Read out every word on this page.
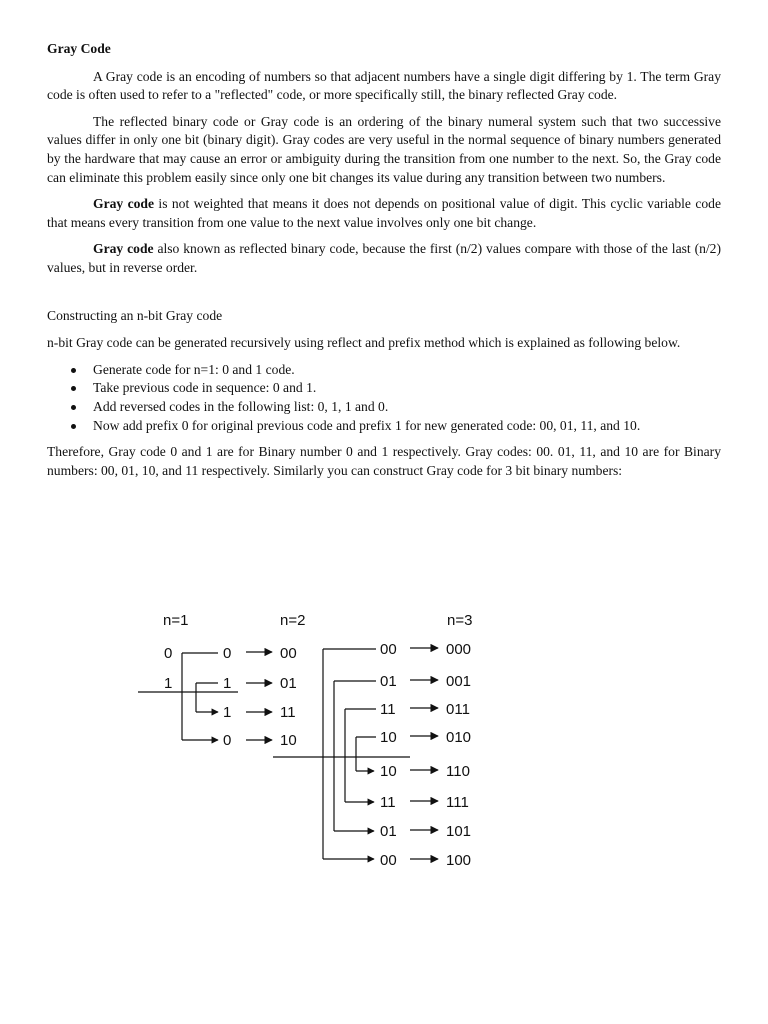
Gray Code

A Gray code is an encoding of numbers so that adjacent numbers have a single digit differing by 1. The term Gray code is often used to refer to a "reflected" code, or more specifically still, the binary reflected Gray code.

The reflected binary code or Gray code is an ordering of the binary numeral system such that two successive values differ in only one bit (binary digit). Gray codes are very useful in the normal sequence of binary numbers generated by the hardware that may cause an error or ambiguity during the transition from one number to the next. So, the Gray code can eliminate this problem easily since only one bit changes its value during any transition between two numbers.

Gray code is not weighted that means it does not depends on positional value of digit. This cyclic variable code that means every transition from one value to the next value involves only one bit change.

Gray code also known as reflected binary code, because the first (n/2) values compare with those of the last (n/2) values, but in reverse order.

Constructing an n-bit Gray code

n-bit Gray code can be generated recursively using reflect and prefix method which is explained as following below.

Generate code for n=1: 0 and 1 code.
Take previous code in sequence: 0 and 1.
Add reversed codes in the following list: 0, 1, 1 and 0.
Now add prefix 0 for original previous code and prefix 1 for new generated code: 00, 01, 11, and 10.

Therefore, Gray code 0 and 1 are for Binary number 0 and 1 respectively. Gray codes: 00. 01, 11, and 10 are for Binary numbers: 00, 01, 10, and 11 respectively. Similarly you can construct Gray code for 3 bit binary numbers:

n=1	n=2	n=3
0
1
0
1
1
0
00
01
11
10
00
01
11
10
10
11
01
00
000
001
011
010
110
111
101
100
